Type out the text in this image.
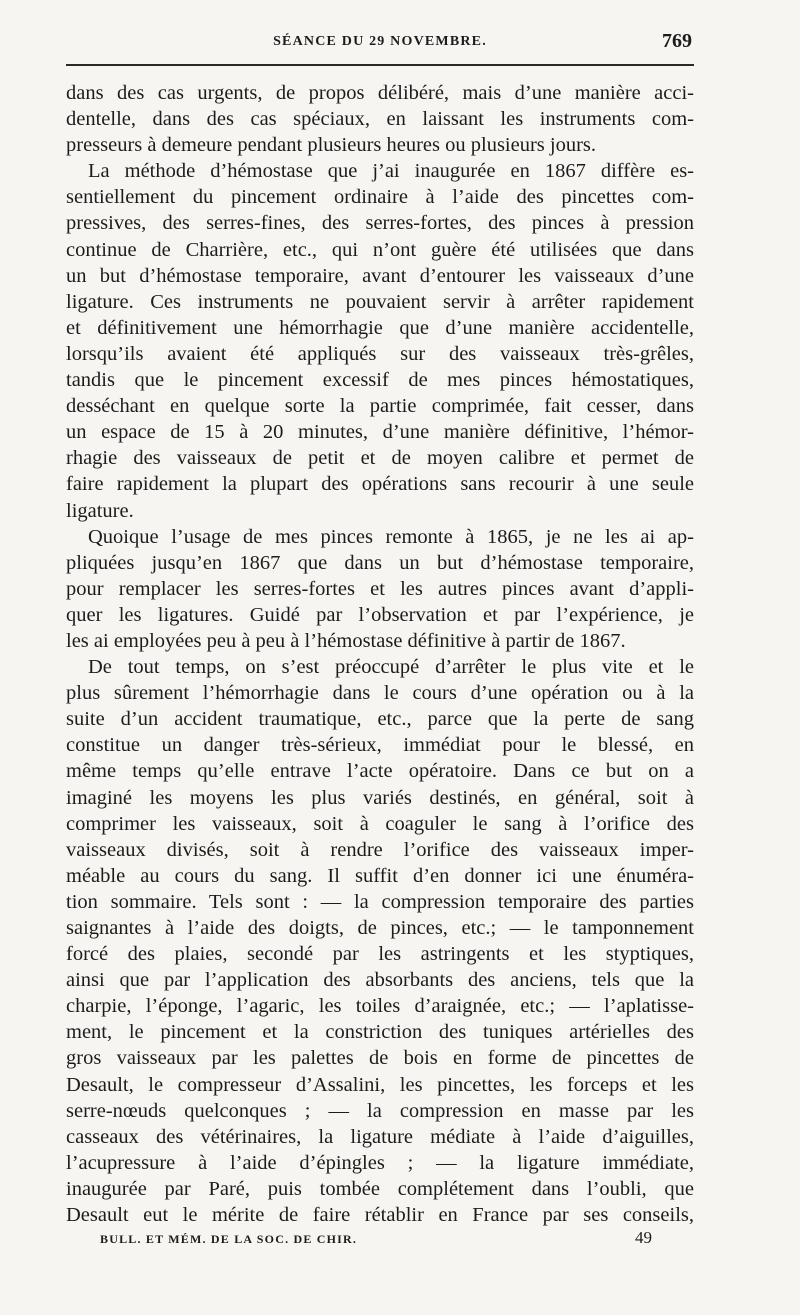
SÉANCE DU 29 NOVEMBRE.	769
dans des cas urgents, de propos délibéré, mais d’une manière acci-
dentelle, dans des cas spéciaux, en laissant les instruments com-
presseurs à demeure pendant plusieurs heures ou plusieurs jours.
La méthode d’hémostase que j’ai inaugurée en 1867 diffère es-
sentiellement du pincement ordinaire à l’aide des pincettes com-
pressives, des serres-fines, des serres-fortes, des pinces à pression
continue de Charrière, etc., qui n’ont guère été utilisées que dans
un but d’hémostase temporaire, avant d’entourer les vaisseaux d’une
ligature. Ces instruments ne pouvaient servir à arrêter rapidement
et définitivement une hémorrhagie que d’une manière accidentelle,
lorsqu’ils avaient été appliqués sur des vaisseaux très-grêles,
tandis que le pincement excessif de mes pinces hémostatiques,
desséchant en quelque sorte la partie comprimée, fait cesser, dans
un espace de 15 à 20 minutes, d’une manière définitive, l’hémor-
rhagie des vaisseaux de petit et de moyen calibre et permet de
faire rapidement la plupart des opérations sans recourir à une seule
ligature.
Quoique l’usage de mes pinces remonte à 1865, je ne les ai ap-
pliquées jusqu’en 1867 que dans un but d’hémostase temporaire,
pour remplacer les serres-fortes et les autres pinces avant d’appli-
quer les ligatures. Guidé par l’observation et par l’expérience, je
les ai employées peu à peu à l’hémostase définitive à partir de 1867.
De tout temps, on s’est préoccupé d’arrêter le plus vite et le
plus sûrement l’hémorrhagie dans le cours d’une opération ou à la
suite d’un accident traumatique, etc., parce que la perte de sang
constitue un danger très-sérieux, immédiat pour le blessé, en
même temps qu’elle entrave l’acte opératoire. Dans ce but on a
imaginé les moyens les plus variés destinés, en général, soit à
comprimer les vaisseaux, soit à coaguler le sang à l’orifice des
vaisseaux divisés, soit à rendre l’orifice des vaisseaux imper-
méable au cours du sang. Il suffit d’en donner ici une énuméra-
tion sommaire. Tels sont : — la compression temporaire des parties
saignantes à l’aide des doigts, de pinces, etc.; — le tamponnement
forcé des plaies, secondé par les astringents et les styptiques,
ainsi que par l’application des absorbants des anciens, tels que la
charpie, l’éponge, l’agaric, les toiles d’araignée, etc.; — l’aplatisse-
ment, le pincement et la constriction des tuniques artérielles des
gros vaisseaux par les palettes de bois en forme de pincettes de
Desault, le compresseur d’Assalini, les pincettes, les forceps et les
serre-nœuds quelconques ; — la compression en masse par les
casseaux des vétérinaires, la ligature médiate à l’aide d’aiguilles,
l’acupressure à l’aide d’épingles ; — la ligature immédiate,
inaugurée par Paré, puis tombée complétement dans l’oubli, que
Desault eut le mérite de faire rétablir en France par ses conseils,
BULL. ET MÉM. DE LA SOC. DE CHIR.	49
